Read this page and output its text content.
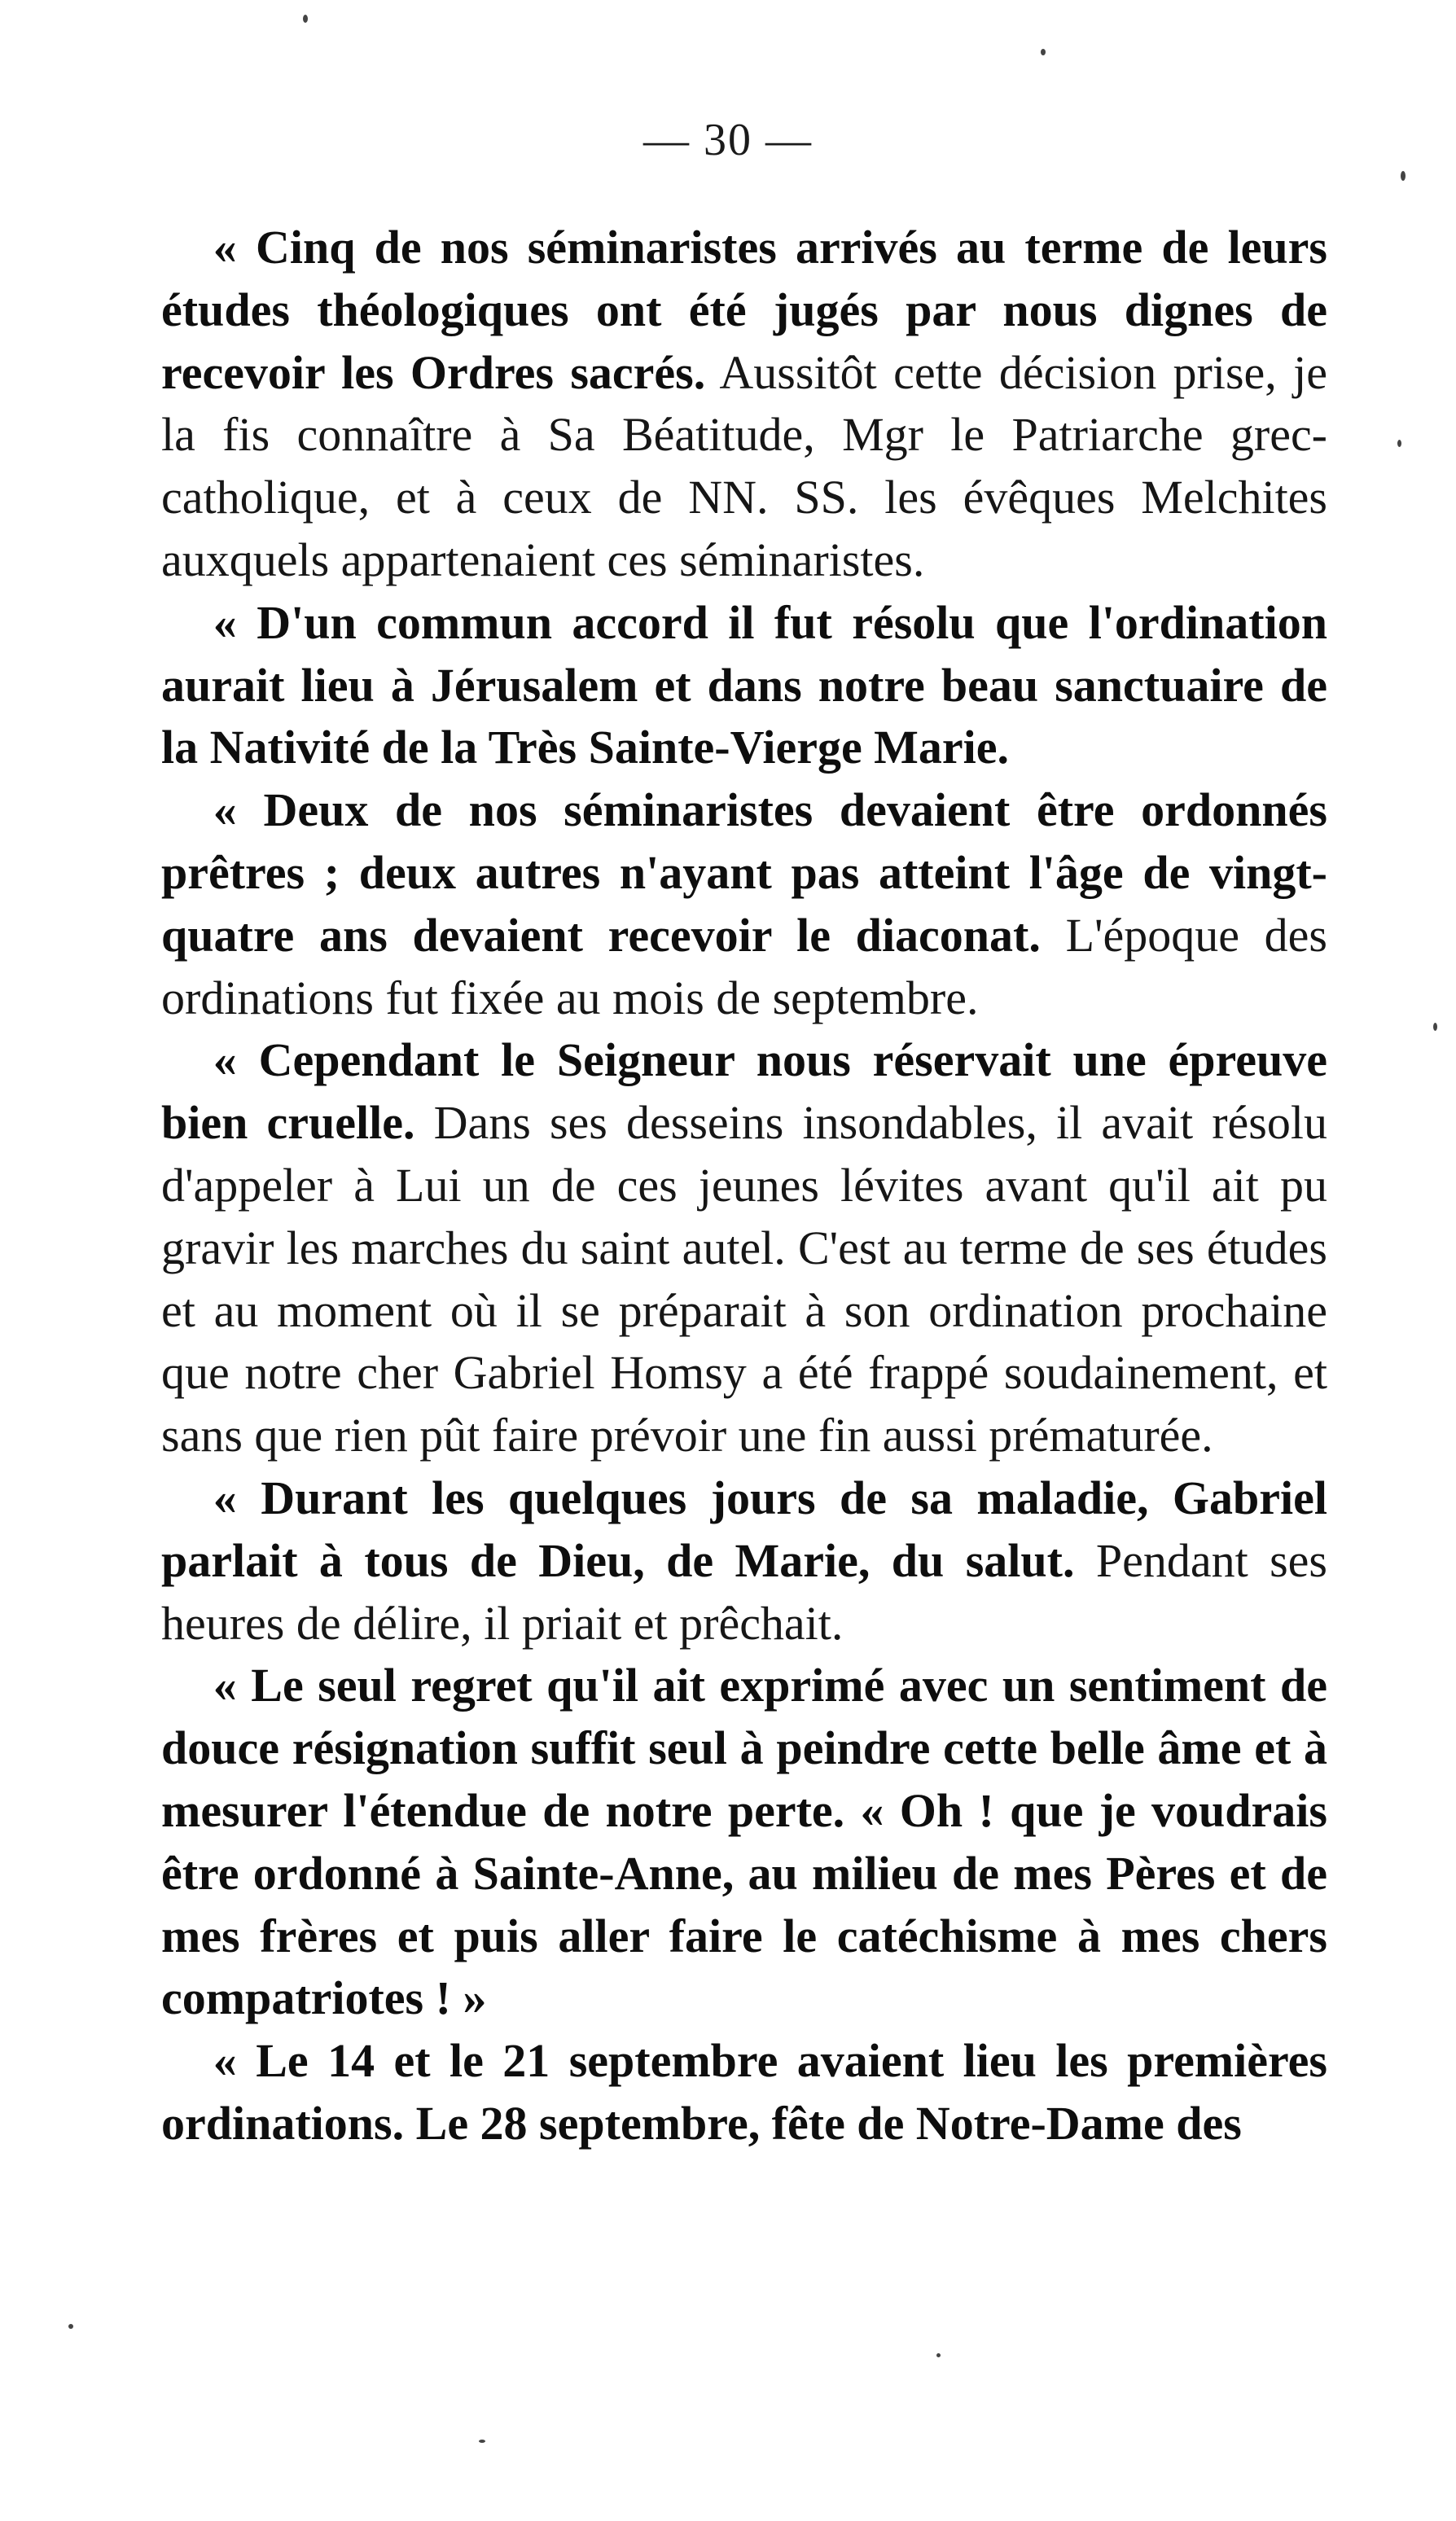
— 30 —

« Cinq de nos séminaristes arrivés au terme de leurs études théologiques ont été jugés par nous dignes de recevoir les Ordres sacrés. Aussitôt cette décision prise, je la fis connaître à Sa Béatitude, Mgr le Patriarche grec-catholique, et à ceux de NN. SS. les évêques Melchites auxquels appartenaient ces séminaristes.

« D'un commun accord il fut résolu que l'ordination aurait lieu à Jérusalem et dans notre beau sanctuaire de la Nativité de la Très Sainte-Vierge Marie.

« Deux de nos séminaristes devaient être ordonnés prêtres ; deux autres n'ayant pas atteint l'âge de vingt-quatre ans devaient recevoir le diaconat. L'époque des ordinations fut fixée au mois de septembre.

« Cependant le Seigneur nous réservait une épreuve bien cruelle. Dans ses desseins insondables, il avait résolu d'appeler à Lui un de ces jeunes lévites avant qu'il ait pu gravir les marches du saint autel. C'est au terme de ses études et au moment où il se préparait à son ordination prochaine que notre cher Gabriel Homsy a été frappé soudainement, et sans que rien pût faire prévoir une fin aussi prématurée.

« Durant les quelques jours de sa maladie, Gabriel parlait à tous de Dieu, de Marie, du salut. Pendant ses heures de délire, il priait et prêchait.

« Le seul regret qu'il ait exprimé avec un sentiment de douce résignation suffit seul à peindre cette belle âme et à mesurer l'étendue de notre perte. « Oh ! que je voudrais être ordonné à Sainte-Anne, au milieu de mes Pères et de mes frères et puis aller faire le catéchisme à mes chers compatriotes ! »

« Le 14 et le 21 septembre avaient lieu les premières ordinations. Le 28 septembre, fête de Notre-Dame des
